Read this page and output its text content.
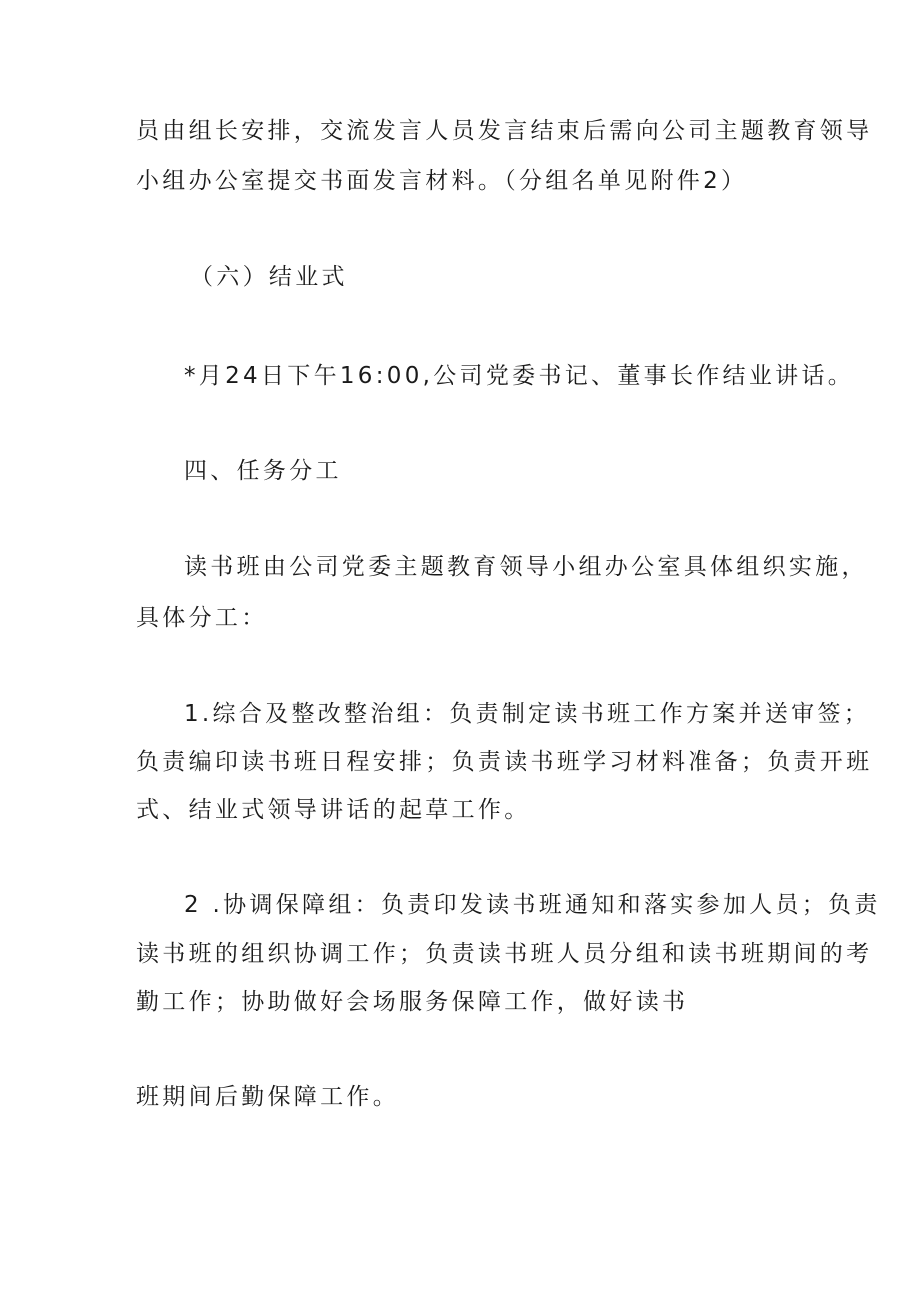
员由组长安排，交流发言人员发言结束后需向公司主题教育领导
小组办公室提交书面发言材料。（分组名单见附件2）
（六）结业式
*月24日下午16:00,公司党委书记、董事长作结业讲话。
四、任务分工
读书班由公司党委主题教育领导小组办公室具体组织实施，
具体分工：
1.综合及整改整治组：负责制定读书班工作方案并送审签；
负责编印读书班日程安排；负责读书班学习材料准备；负责开班
式、结业式领导讲话的起草工作。
2 .协调保障组：负责印发读书班通知和落实参加人员；负责
读书班的组织协调工作；负责读书班人员分组和读书班期间的考
勤工作；协助做好会场服务保障工作，做好读书
班期间后勤保障工作。
